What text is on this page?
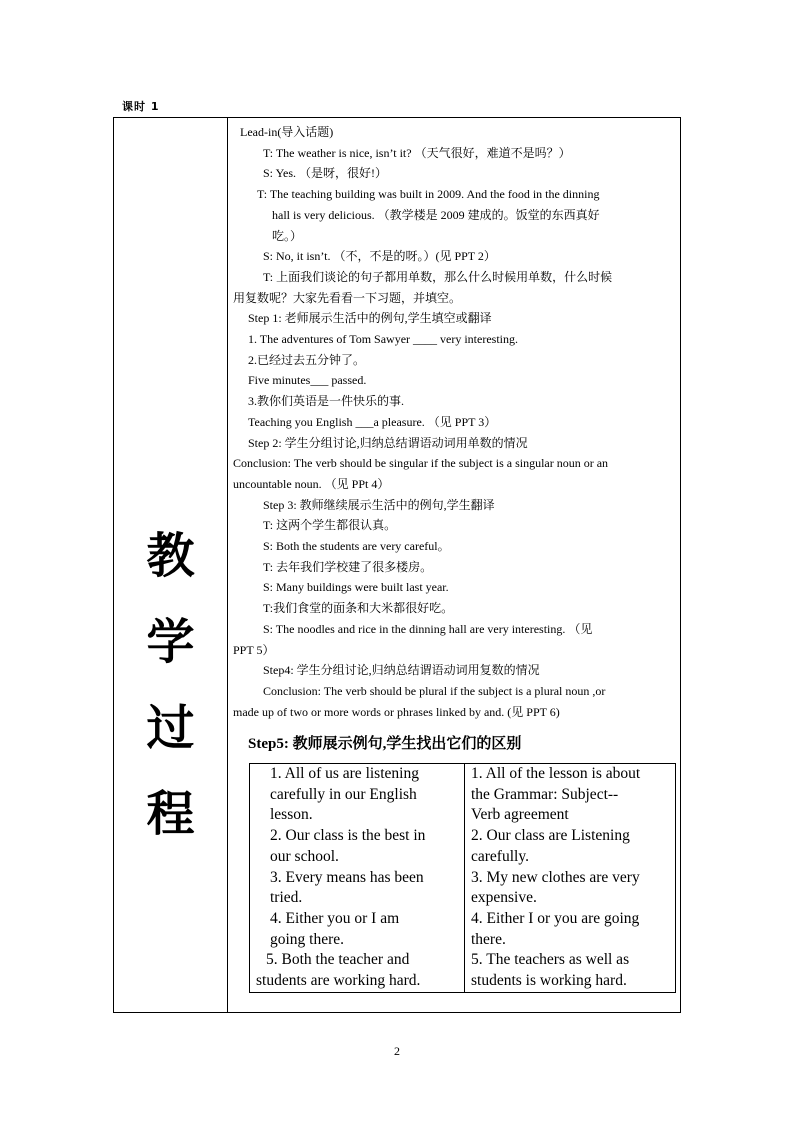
课时 1
教
学
过
程

Lead-in(导入话题)

T: The weather is nice, isn’t it? （天气很好，难道不是吗？）

S: Yes. （是呀，很好!）

T: The teaching building was built in 2009. And the food in the dinning

hall is very delicious. （教学楼是 2009 建成的。饭堂的东西真好

吃。）

S: No, it isn’t. （不，不是的呀。）(见 PPT 2）

T: 上面我们谈论的句子都用单数，那么什么时候用单数，什么时候

用复数呢？大家先看看一下习题，并填空。

Step 1: 老师展示生活中的例句,学生填空或翻译

1. The adventures of Tom Sawyer ____ very interesting.

2.已经过去五分钟了。

Five minutes___ passed.

3.教你们英语是一件快乐的事.

Teaching you English ___a pleasure. （见 PPT 3）

Step 2: 学生分组讨论,归纳总结谓语动词用单数的情况

Conclusion: The verb should be singular if the subject is a singular noun or an

uncountable noun. （见 PPt 4）

Step 3: 教师继续展示生活中的例句,学生翻译

T: 这两个学生都很认真。

S: Both the students are very careful。

T: 去年我们学校建了很多楼房。

S: Many buildings were built last year.

T:我们食堂的面条和大米都很好吃。

S: The noodles and rice in the dinning hall are very interesting. （见

PPT 5）

Step4: 学生分组讨论,归纳总结谓语动词用复数的情况

Conclusion: The verb should be plural if the subject is a plural noun ,or

made up of two or more words or phrases linked by and. (见 PPT 6)

Step5: 教师展示例句,学生找出它们的区别
1. All of us are listening
carefully in our English
lesson.
2. Our class is the best in
our school.
3. Every means has been
tried.
4. Either you or I am
going there.
5. Both the teacher and
students are working hard.

1. All of the lesson is about
the Grammar: Subject--
Verb agreement
2. Our class are Listening
carefully.
3. My new clothes are very
expensive.
4. Either I or you are going
there.
5. The teachers as well as
students is working hard.
2
